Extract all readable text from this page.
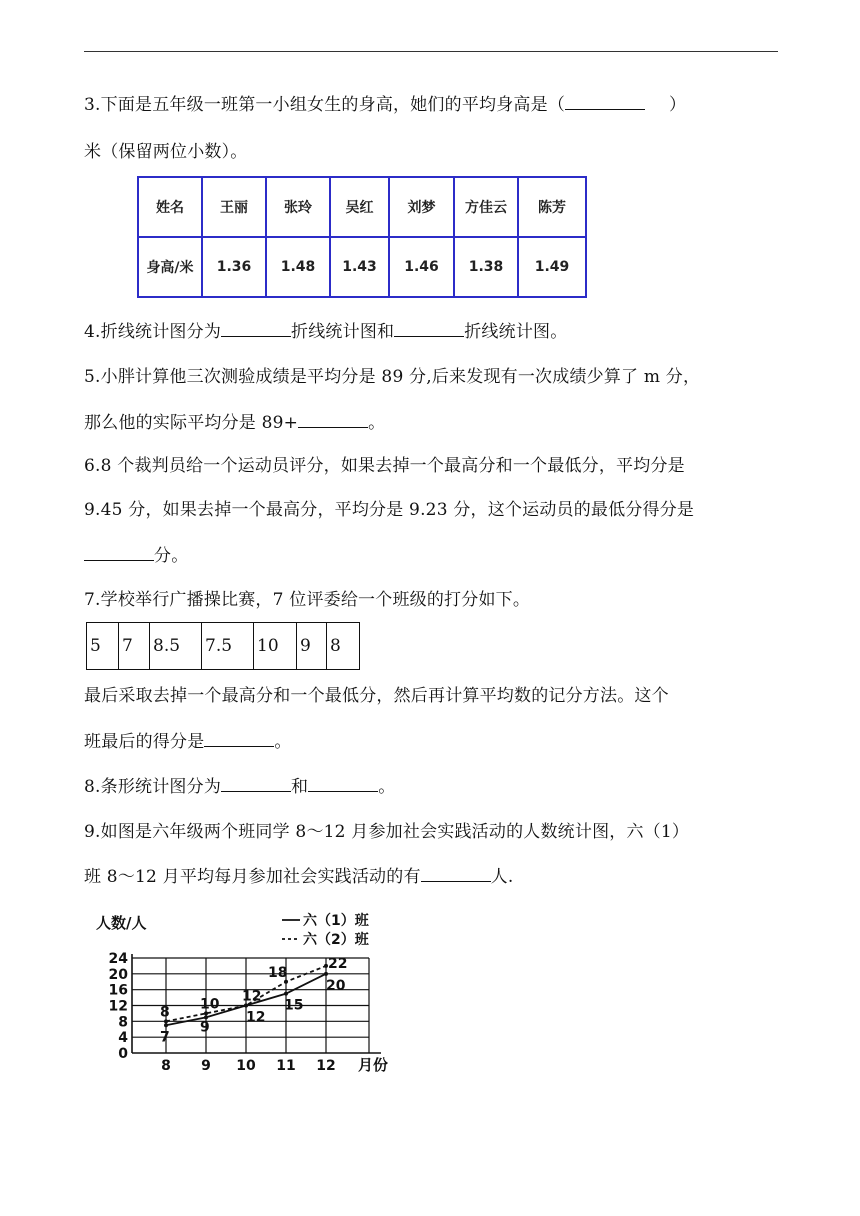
3.下面是五年级一班第一小组女生的身高，她们的平均身高是（	）
米（保留两位小数）。
姓名	王丽	张玲	吴红	刘梦	方佳云	陈芳
身高/米	1.36	1.48	1.43	1.46	1.38	1.49
4.折线统计图分为	折线统计图和	折线统计图。
5.小胖计算他三次测验成绩是平均分是 89 分,后来发现有一次成绩少算了 m 分，
那么他的实际平均分是 89+	。
6.8 个裁判员给一个运动员评分，如果去掉一个最高分和一个最低分，平均分是
9.45 分，如果去掉一个最高分，平均分是 9.23 分，这个运动员的最低分得分是
分。
7.学校举行广播操比赛，7 位评委给一个班级的打分如下。
5	7	8.5	7.5	10	9	8
最后采取去掉一个最高分和一个最低分，然后再计算平均数的记分方法。这个
班最后的得分是	。
8.条形统计图分为	和	。
9.如图是六年级两个班同学 8～12 月参加社会实践活动的人数统计图，六（1）
班 8～12 月平均每月参加社会实践活动的有	人.
人数/人
月份
0
4
8
12
16
20
24
8 9 10 11 12
六（1）班
六（2）班
7
9
12
15
20
8 10 12
18
22
